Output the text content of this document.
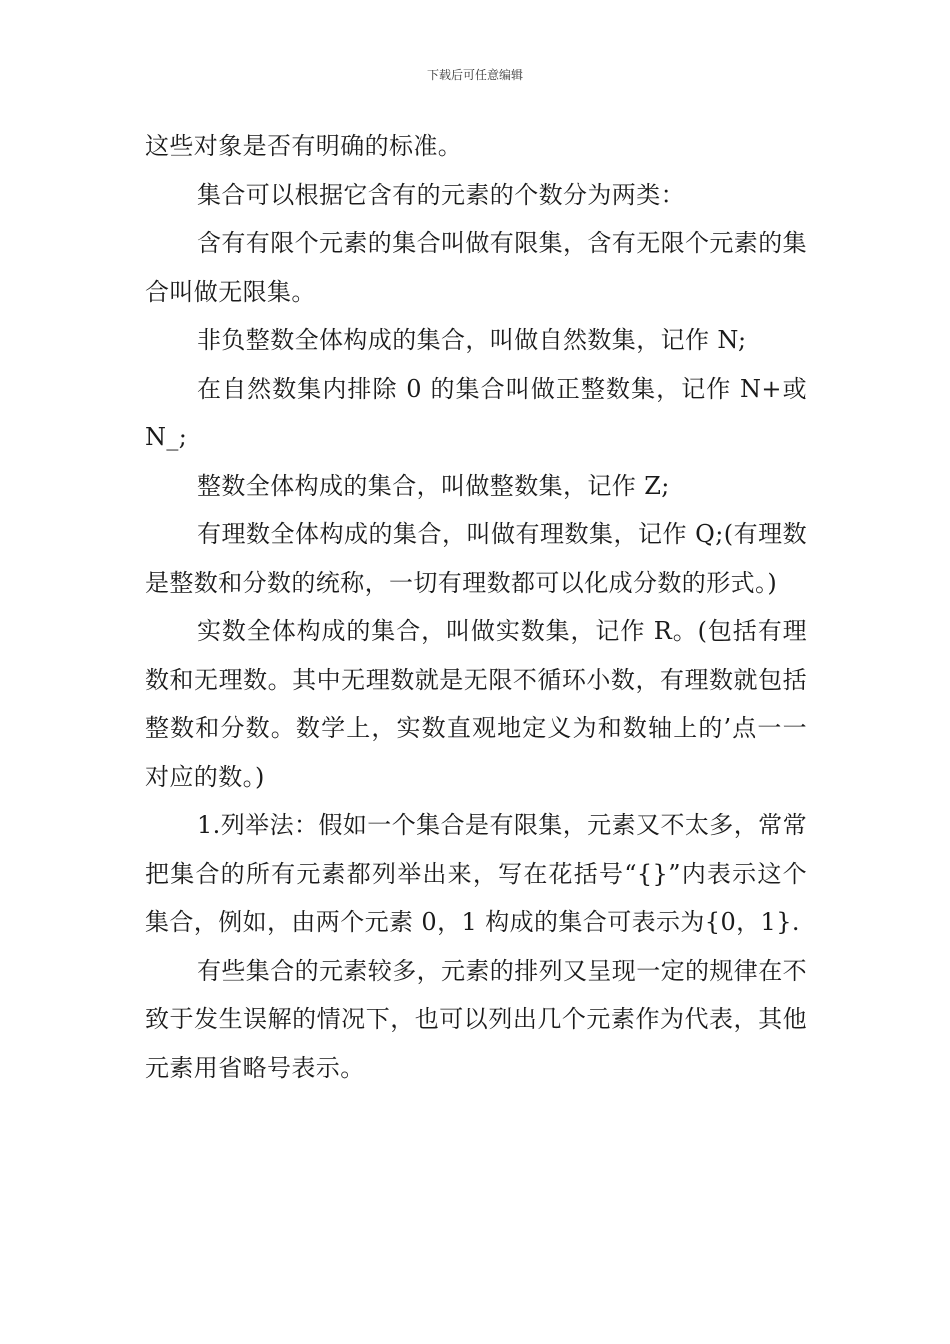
下载后可任意编辑

这些对象是否有明确的标准。

集合可以根据它含有的元素的个数分为两类：

含有有限个元素的集合叫做有限集，含有无限个元素的集合叫做无限集。

非负整数全体构成的集合，叫做自然数集，记作 N;

在自然数集内排除 0 的集合叫做正整数集，记作 N+或 N_;

整数全体构成的集合，叫做整数集，记作 Z;

有理数全体构成的集合，叫做有理数集，记作 Q;(有理数是整数和分数的统称，一切有理数都可以化成分数的形式。)

实数全体构成的集合，叫做实数集，记作 R。(包括有理数和无理数。其中无理数就是无限不循环小数，有理数就包括整数和分数。数学上，实数直观地定义为和数轴上的’点一一对应的数。)

1.列举法：假如一个集合是有限集，元素又不太多，常常把集合的所有元素都列举出来，写在花括号“{}”内表示这个集合，例如，由两个元素 0，1 构成的集合可表示为{0，1}.

有些集合的元素较多，元素的排列又呈现一定的规律在不致于发生误解的情况下，也可以列出几个元素作为代表，其他元素用省略号表示。
